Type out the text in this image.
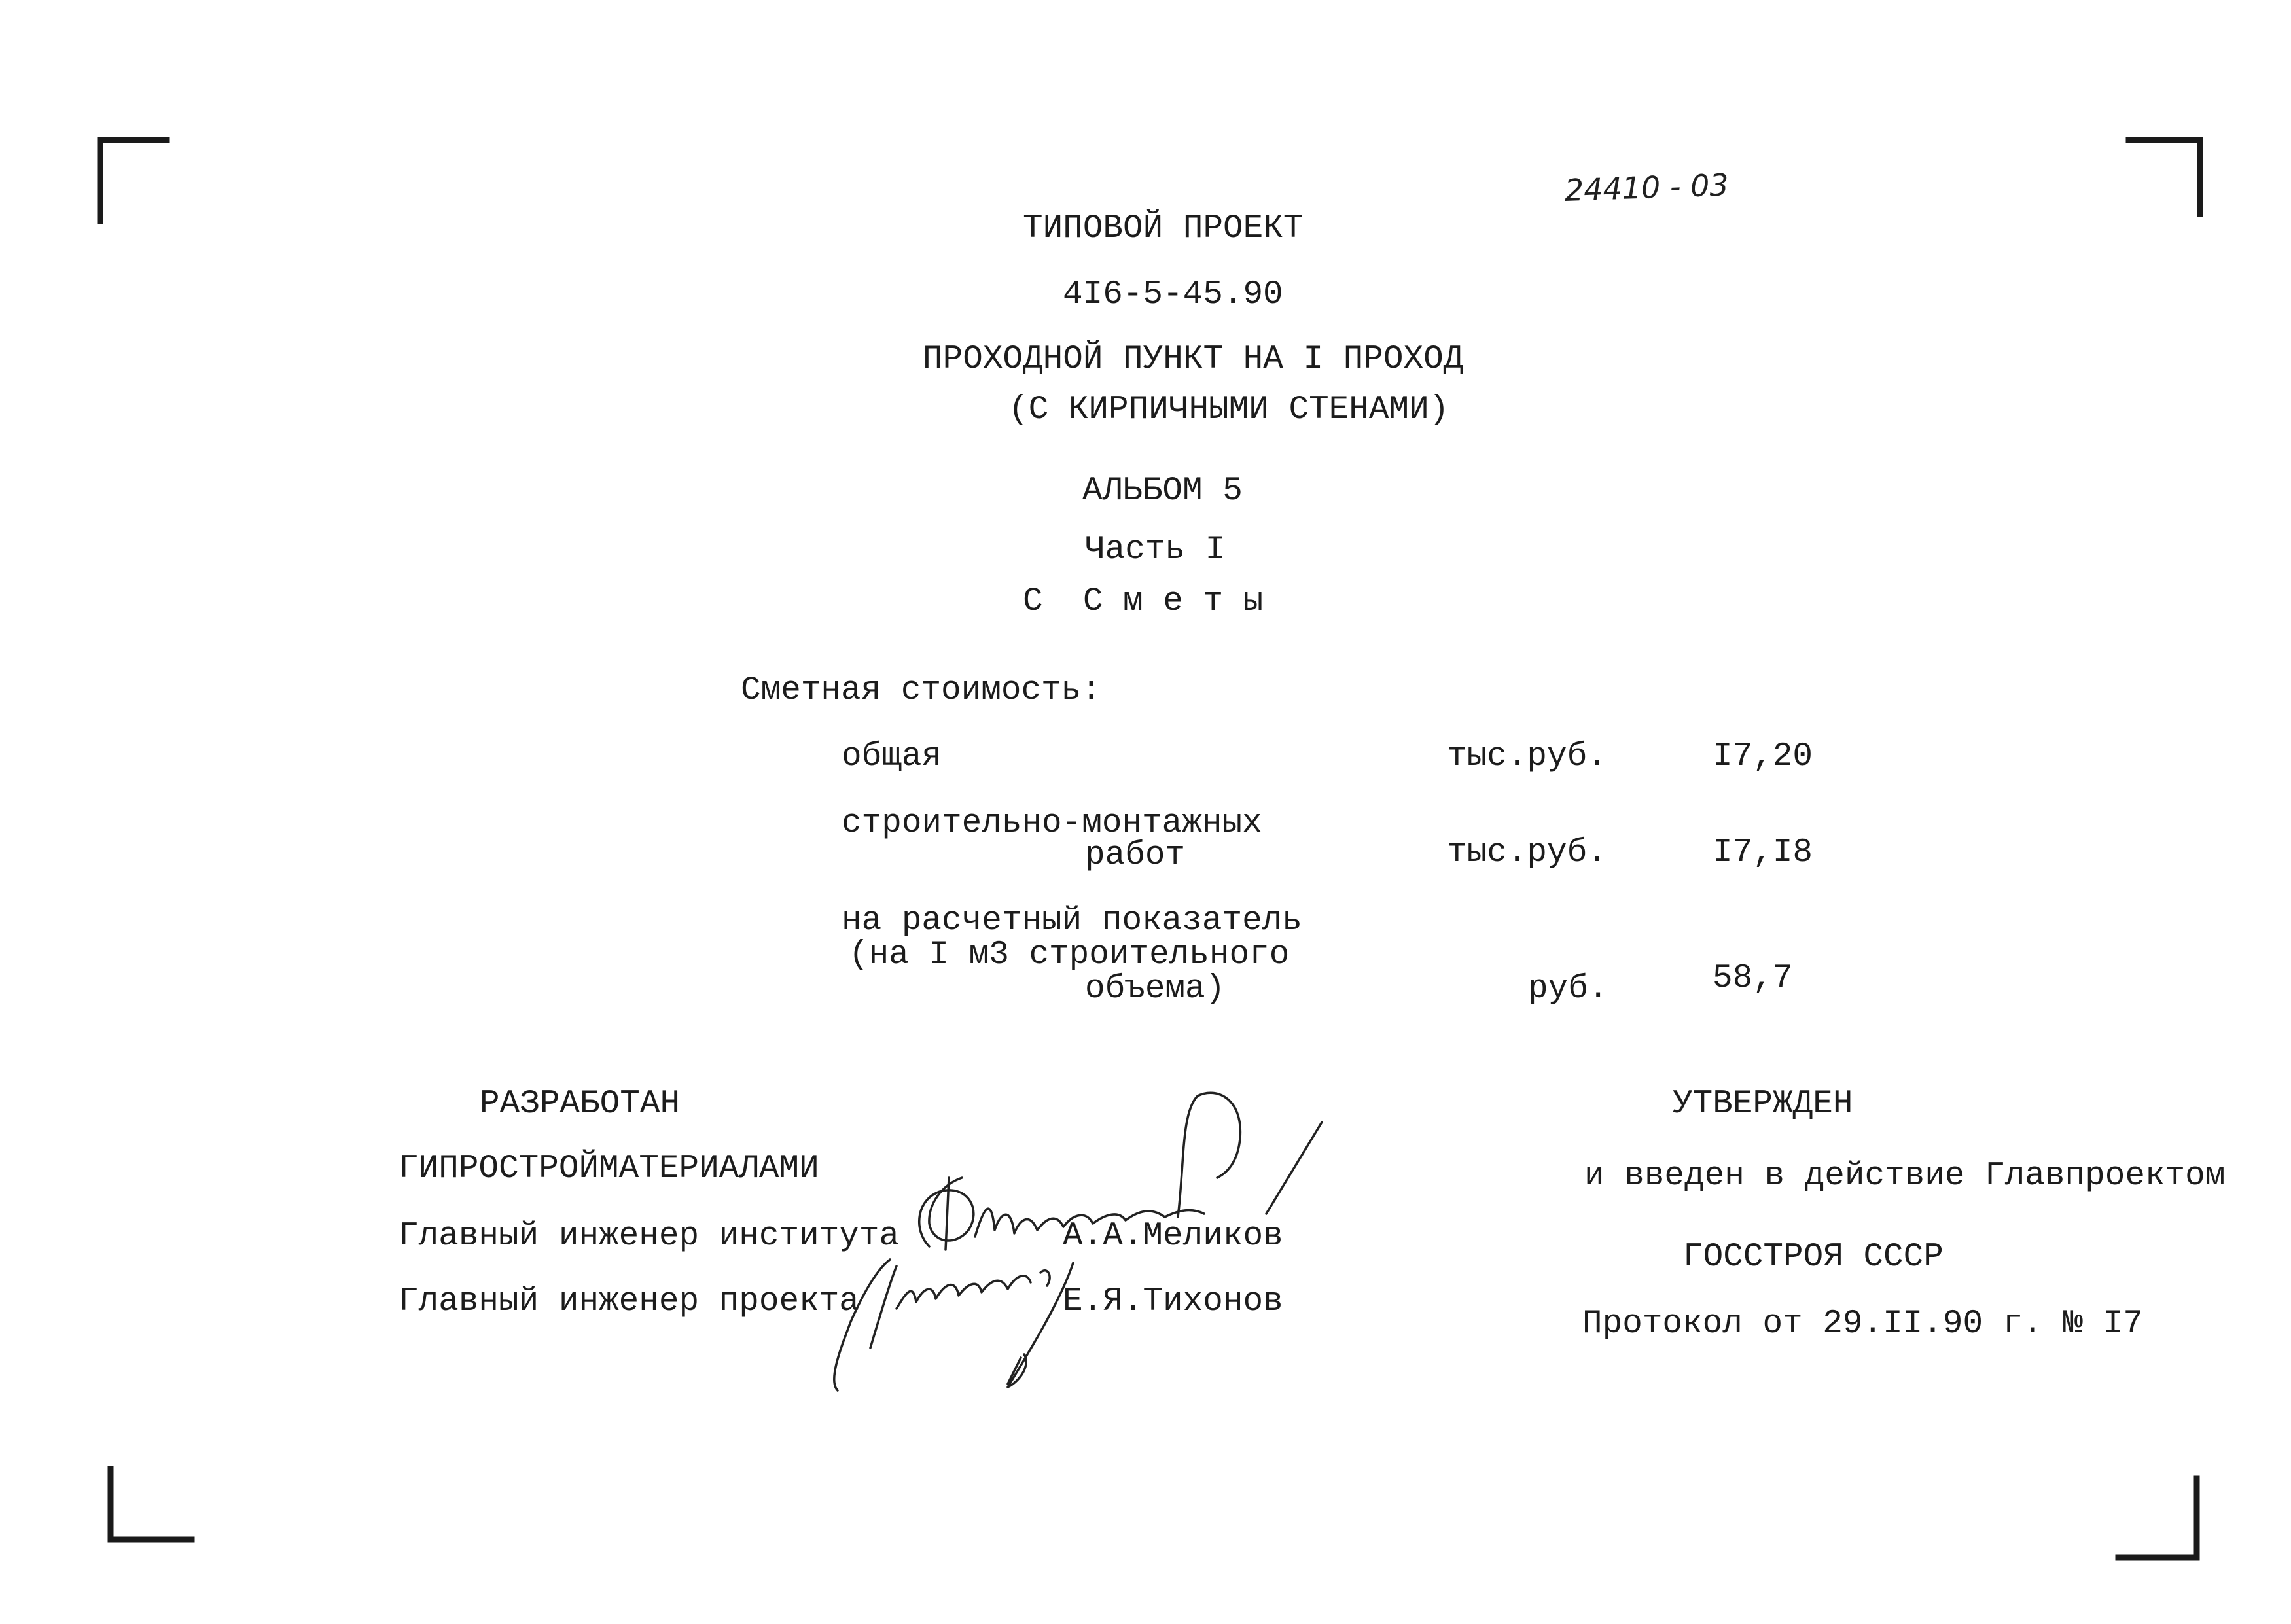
24410 - 03
ТИПОВОЙ ПРОЕКТ
4I6-5-45.90
ПРОХОДНОЙ ПУНКТ НА I ПРОХОД
(С КИРПИЧНЫМИ СТЕНАМИ)
АЛЬБОМ 5
Часть I
С  С м е т ы
Сметная стоимость:
общая	тыс.руб.	I7,20
строительно-монтажных
работ	тыс.руб.	I7,I8
на расчетный показатель
(на I м3 строительного
объема)	руб.	58,7
РАЗРАБОТАН
ГИПРОСТРОЙМАТЕРИАЛАМИ
Главный инженер института	А.А.Меликов
Главный инженер проекта	Е.Я.Тихонов
УТВЕРЖДЕН
и введен в действие Главпроектом
ГОССТРОЯ СССР
Протокол от 29.II.90 г. № I7
